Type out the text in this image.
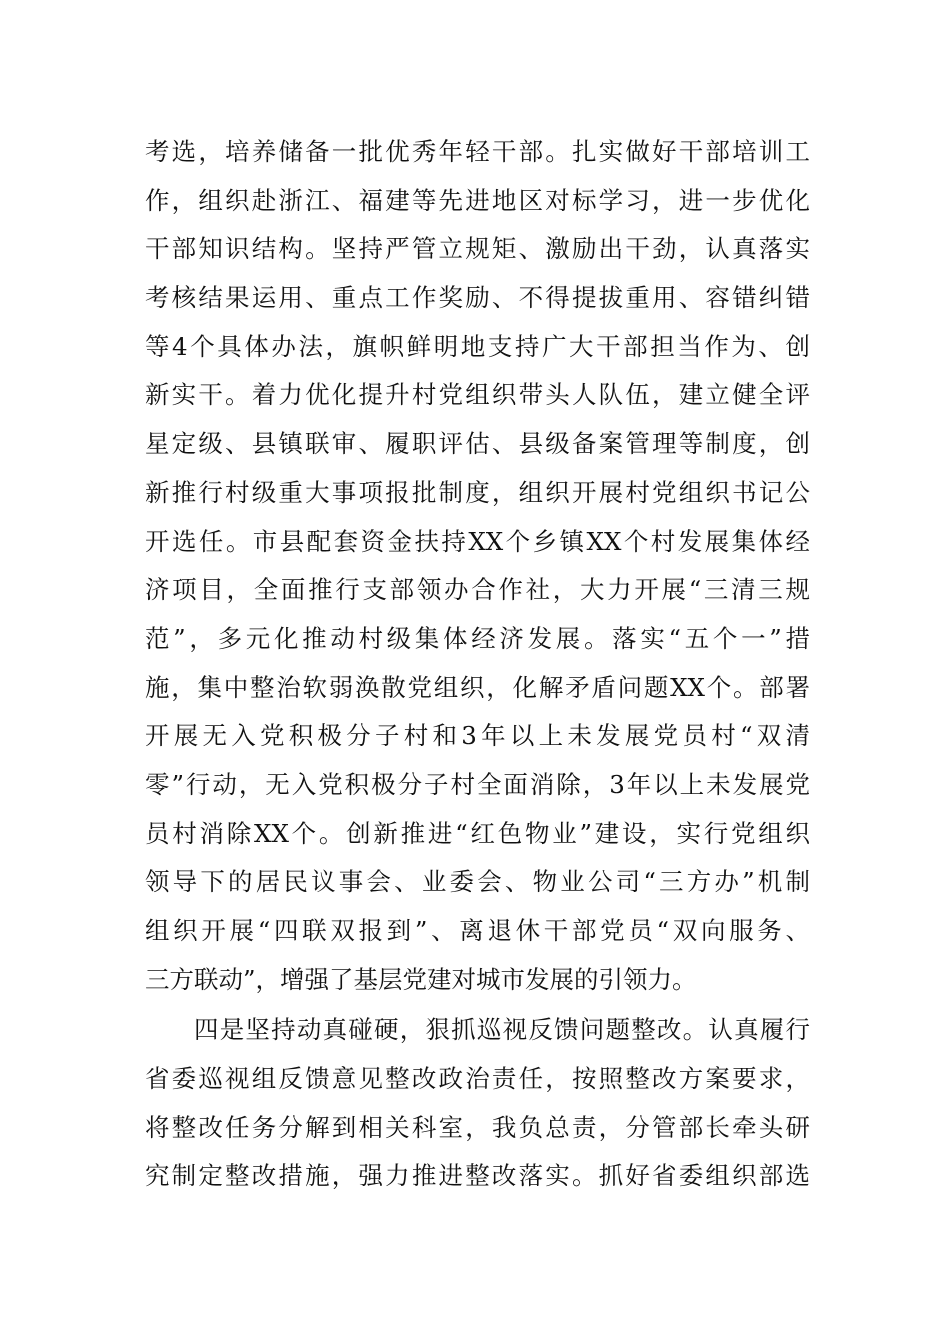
考选，培养储备一批优秀年轻干部。扎实做好干部培训工
作，组织赴浙江、福建等先进地区对标学习，进一步优化
干部知识结构。坚持严管立规矩、激励出干劲，认真落实
考核结果运用、重点工作奖励、不得提拔重用、容错纠错
等4个具体办法，旗帜鲜明地支持广大干部担当作为、创
新实干。着力优化提升村党组织带头人队伍，建立健全评
星定级、县镇联审、履职评估、县级备案管理等制度，创
新推行村级重大事项报批制度，组织开展村党组织书记公
开选任。市县配套资金扶持XX个乡镇XX个村发展集体经
济项目，全面推行支部领办合作社，大力开展“三清三规
范”，多元化推动村级集体经济发展。落实“五个一”措
施，集中整治软弱涣散党组织，化解矛盾问题XX个。部署
开展无入党积极分子村和3年以上未发展党员村“双清
零”行动，无入党积极分子村全面消除，3年以上未发展党
员村消除XX个。创新推进“红色物业”建设，实行党组织
领导下的居民议事会、业委会、物业公司“三方办”机制
组织开展“四联双报到”、离退休干部党员“双向服务、
三方联动”，增强了基层党建对城市发展的引领力。
四是坚持动真碰硬，狠抓巡视反馈问题整改。认真履行
省委巡视组反馈意见整改政治责任，按照整改方案要求，
将整改任务分解到相关科室，我负总责，分管部长牵头研
究制定整改措施，强力推进整改落实。抓好省委组织部选
